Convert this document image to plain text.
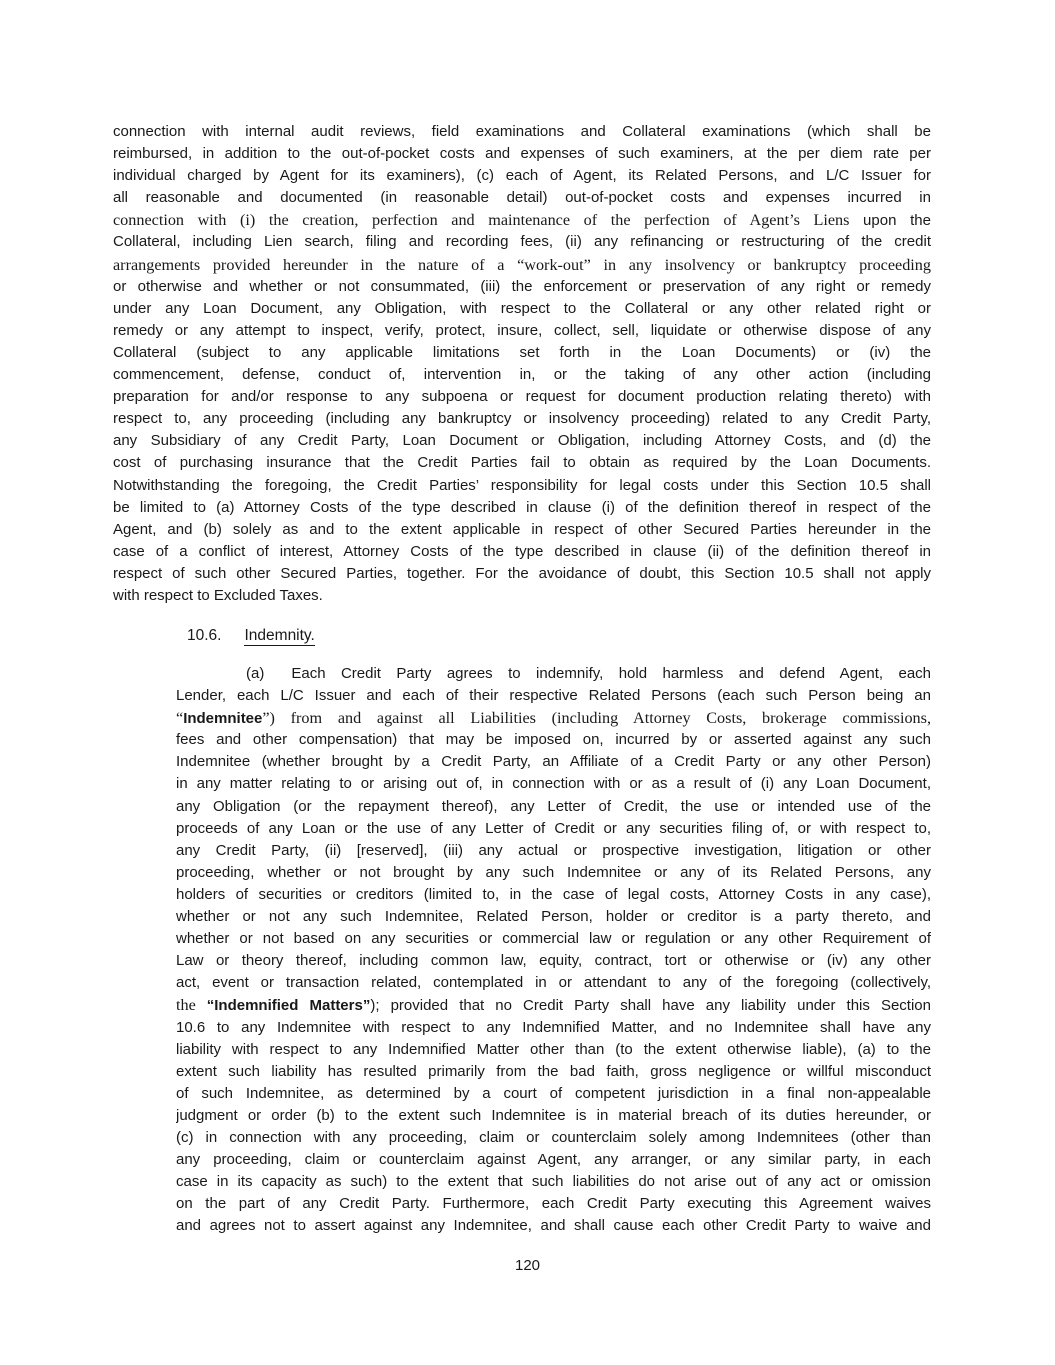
connection with internal audit reviews, field examinations and Collateral examinations (which shall be
reimbursed, in addition to the out-of-pocket costs and expenses of such examiners, at the per diem rate per
individual charged by Agent for its examiners), (c) each of Agent, its Related Persons, and L/C Issuer for
all reasonable and documented (in reasonable detail) out-of-pocket costs and expenses incurred in
connection with (i) the creation, perfection and maintenance of the perfection of Agent’s Liens upon the
Collateral, including Lien search, filing and recording fees, (ii) any refinancing or restructuring of the credit
arrangements provided hereunder in the nature of a “work-out” in any insolvency or bankruptcy proceeding
or otherwise and whether or not consummated, (iii) the enforcement or preservation of any right or remedy
under any Loan Document, any Obligation, with respect to the Collateral or any other related right or
remedy or any attempt to inspect, verify, protect, insure, collect, sell, liquidate or otherwise dispose of any
Collateral (subject to any applicable limitations set forth in the Loan Documents) or (iv) the
commencement, defense, conduct of, intervention in, or the taking of any other action (including
preparation for and/or response to any subpoena or request for document production relating thereto) with
respect to, any proceeding (including any bankruptcy or insolvency proceeding) related to any Credit Party,
any Subsidiary of any Credit Party, Loan Document or Obligation, including Attorney Costs, and (d) the
cost of purchasing insurance that the Credit Parties fail to obtain as required by the Loan Documents.
Notwithstanding the foregoing, the Credit Parties’ responsibility for legal costs under this Section 10.5 shall
be limited to (a) Attorney Costs of the type described in clause (i) of the definition thereof in respect of the
Agent, and (b) solely as and to the extent applicable in respect of other Secured Parties hereunder in the
case of a conflict of interest, Attorney Costs of the type described in clause (ii) of the definition thereof in
respect of such other Secured Parties, together. For the avoidance of doubt, this Section 10.5 shall not apply
with respect to Excluded Taxes.
10.6. Indemnity.
(a) Each Credit Party agrees to indemnify, hold harmless and defend Agent, each
Lender, each L/C Issuer and each of their respective Related Persons (each such Person being an
“Indemnitee”) from and against all Liabilities (including Attorney Costs, brokerage commissions,
fees and other compensation) that may be imposed on, incurred by or asserted against any such
Indemnitee (whether brought by a Credit Party, an Affiliate of a Credit Party or any other Person)
in any matter relating to or arising out of, in connection with or as a result of (i) any Loan Document,
any Obligation (or the repayment thereof), any Letter of Credit, the use or intended use of the
proceeds of any Loan or the use of any Letter of Credit or any securities filing of, or with respect to,
any Credit Party, (ii) [reserved], (iii) any actual or prospective investigation, litigation or other
proceeding, whether or not brought by any such Indemnitee or any of its Related Persons, any
holders of securities or creditors (limited to, in the case of legal costs, Attorney Costs in any case),
whether or not any such Indemnitee, Related Person, holder or creditor is a party thereto, and
whether or not based on any securities or commercial law or regulation or any other Requirement of
Law or theory thereof, including common law, equity, contract, tort or otherwise or (iv) any other
act, event or transaction related, contemplated in or attendant to any of the foregoing (collectively,
the “Indemnified Matters”); provided that no Credit Party shall have any liability under this Section
10.6 to any Indemnitee with respect to any Indemnified Matter, and no Indemnitee shall have any
liability with respect to any Indemnified Matter other than (to the extent otherwise liable), (a) to the
extent such liability has resulted primarily from the bad faith, gross negligence or willful misconduct
of such Indemnitee, as determined by a court of competent jurisdiction in a final non-appealable
judgment or order (b) to the extent such Indemnitee is in material breach of its duties hereunder, or
(c) in connection with any proceeding, claim or counterclaim solely among Indemnitees (other than
any proceeding, claim or counterclaim against Agent, any arranger, or any similar party, in each
case in its capacity as such) to the extent that such liabilities do not arise out of any act or omission
on the part of any Credit Party. Furthermore, each Credit Party executing this Agreement waives
and agrees not to assert against any Indemnitee, and shall cause each other Credit Party to waive and
120
